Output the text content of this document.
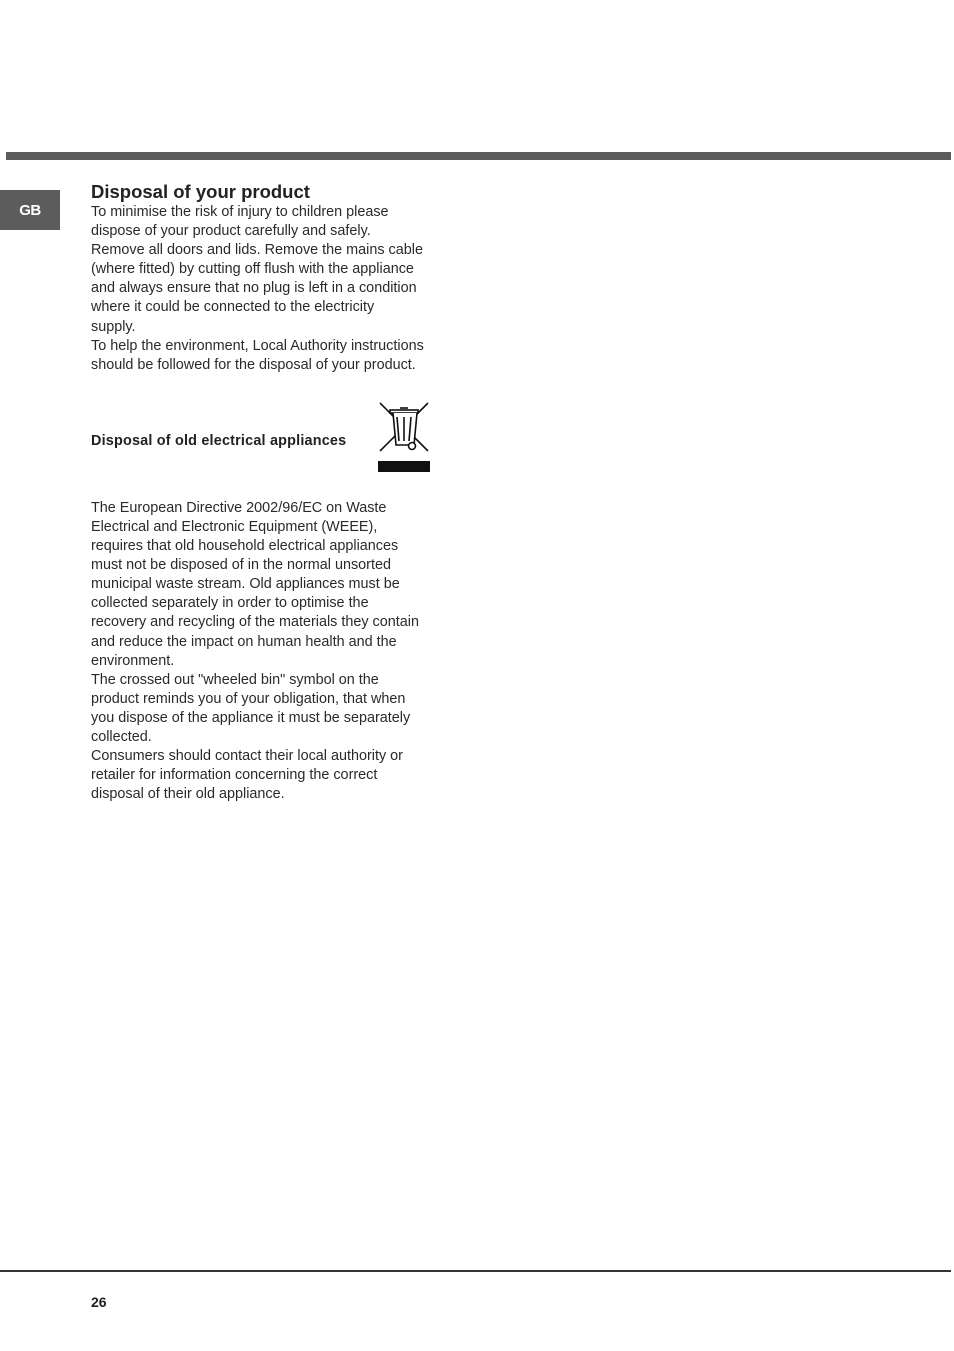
GB
Disposal of your product
To minimise the risk of injury to children please
dispose of your product carefully and safely.
Remove all doors and lids. Remove the mains cable
(where fitted) by cutting off flush with the appliance
and always ensure that no plug is left in a condition
where it could be connected to the electricity
supply.
To help the environment, Local Authority instructions
should be followed for the disposal of your product.
Disposal of old electrical appliances
The European Directive 2002/96/EC on Waste
Electrical and Electronic Equipment (WEEE),
requires that old household electrical appliances
must not be disposed of in the normal unsorted
municipal waste stream. Old appliances must be
collected separately in order to optimise the
recovery and recycling of the materials they contain
and reduce the impact on human health and the
environment.
The crossed out "wheeled bin" symbol on the
product reminds you of your obligation, that when
you dispose of the appliance it must be separately
collected.
Consumers should contact their local authority or
retailer for information concerning the correct
disposal of their old appliance.
26
